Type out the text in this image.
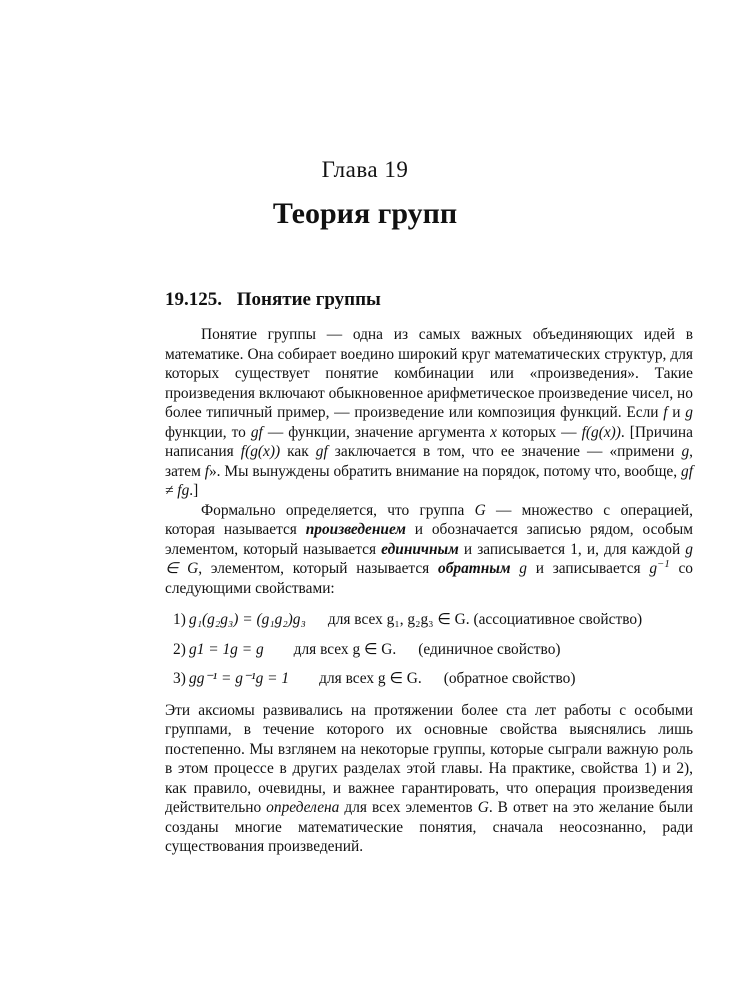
Глава 19
Теория групп
19.125. Понятие группы

Понятие группы — одна из самых важных объединяющих идей в математике. Она собирает воедино широкий круг математических структур, для которых существует понятие комбинации или «произведения». Такие произведения включают обыкновенное арифметическое произведение чисел, но более типичный пример, — произведение или композиция функций. Если f и g функции, то gf — функции, значение аргумента x которых — f(g(x)). [Причина написания f(g(x)) как gf заключается в том, что ее значение — «примени g, затем f». Мы вынуждены обратить внимание на порядок, потому что, вообще, gf ≠ fg.]

Формально определяется, что группа G — множество с операцией, которая называется произведением и обозначается записью рядом, особым элементом, который называется единичным и записывается 1, и, для каждой g ∈ G, элементом, который называется обратным g и записывается $g^{-1}$ со следующими свойствами:

1) g₁(g₂g₃) = (g₁g₂)g₃ для всех g₁, g₂g₃ ∈ G. (ассоциативное свойство)
2) g1 = 1g = g для всех g ∈ G. (единичное свойство)
3) gg⁻¹ = g⁻¹g = 1 для всех g ∈ G. (обратное свойство)

Эти аксиомы развивались на протяжении более ста лет работы с особыми группами, в течение которого их основные свойства выяснялись лишь постепенно. Мы взглянем на некоторые группы, которые сыграли важную роль в этом процессе в других разделах этой главы. На практике, свойства 1) и 2), как правило, очевидны, и важнее гарантировать, что операция произведения действительно определена для всех элементов G. В ответ на это желание были созданы многие математические понятия, сначала неосознанно, ради существования произведений.
